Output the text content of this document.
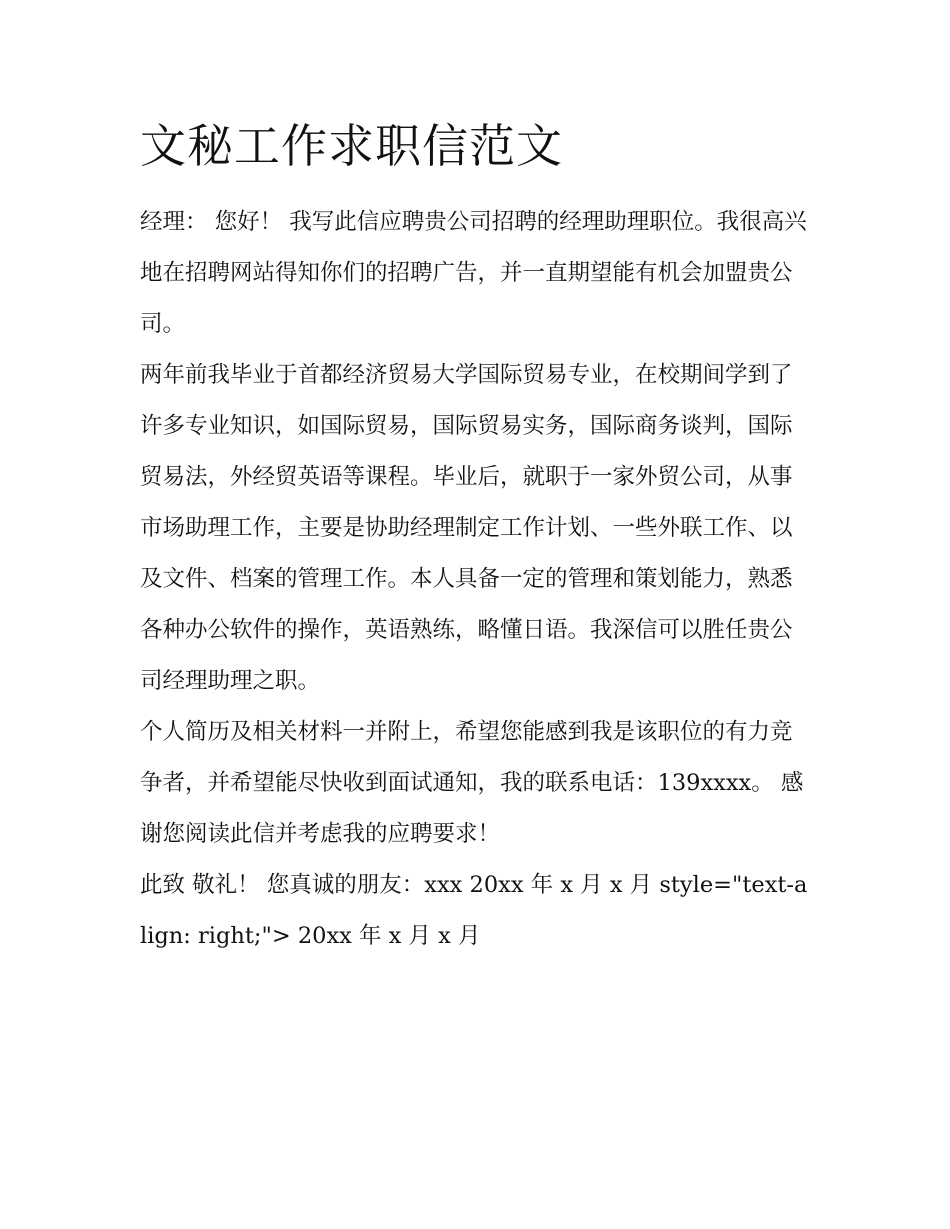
文秘工作求职信范文

经理： 您好！ 我写此信应聘贵公司招聘的经理助理职位。我很高兴地在招聘网站得知你们的招聘广告，并一直期望能有机会加盟贵公司。

两年前我毕业于首都经济贸易大学国际贸易专业，在校期间学到了许多专业知识，如国际贸易，国际贸易实务，国际商务谈判，国际贸易法，外经贸英语等课程。毕业后，就职于一家外贸公司，从事市场助理工作，主要是协助经理制定工作计划、一些外联工作、以及文件、档案的管理工作。本人具备一定的管理和策划能力，熟悉各种办公软件的操作，英语熟练，略懂日语。我深信可以胜任贵公司经理助理之职。

个人简历及相关材料一并附上，希望您能感到我是该职位的有力竞争者，并希望能尽快收到面试通知，我的联系电话：139xxxx。 感谢您阅读此信并考虑我的应聘要求！

此致 敬礼！ 您真诚的朋友：xxx 20xx 年 x 月 x 月 style="text-align: right;"> 20xx 年 x 月 x 月
